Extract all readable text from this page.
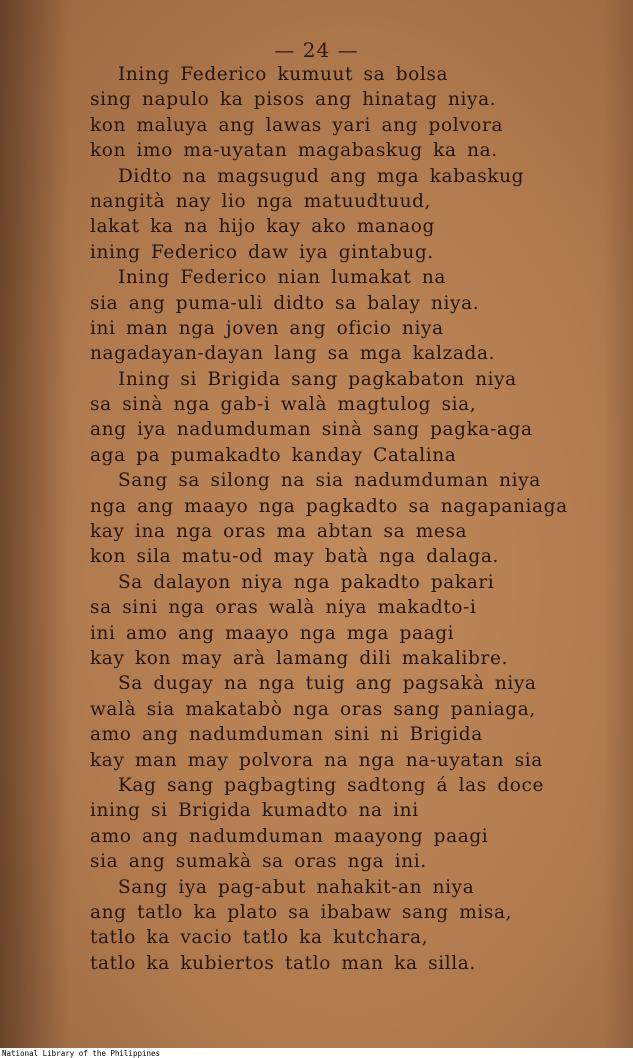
— 24 —
Ining Federico kumuut sa bolsa
sing napulo ka pisos ang hinatag niya.
kon maluya ang lawas yari ang polvora
kon imo ma-uyatan magabaskug ka na.
Didto na magsugud ang mga kabaskug
nangità nay lio nga matuudtuud,
lakat ka na hijo kay ako manaog
ining Federico daw iya gintabug.
Ining Federico nian lumakat na
sia ang puma-uli didto sa balay niya.
ini man nga joven ang oficio niya
nagadayan-dayan lang sa mga kalzada.
Ining si Brigida sang pagkabaton niya
sa sinà nga gab-i walà magtulog sia,
ang iya nadumduman sinà sang pagka-aga
aga pa pumakadto kanday Catalina
Sang sa silong na sia nadumduman niya
nga ang maayo nga pagkadto sa nagapaniaga
kay ina nga oras ma abtan sa mesa
kon sila matu-od may batà nga dalaga.
Sa dalayon niya nga pakadto pakari
sa sini nga oras walà niya makadto-i
ini amo ang maayo nga mga paagi
kay kon may arà lamang dili makalibre.
Sa dugay na nga tuig ang pagsakà niya
walà sia makatabò nga oras sang paniaga,
amo ang nadumduman sini ni Brigida
kay man may polvora na nga na-uyatan sia
Kag sang pagbagting sadtong á las doce
ining si Brigida kumadto na ini
amo ang nadumduman maayong paagi
sia ang sumakà sa oras nga ini.
Sang iya pag-abut nahakit-an niya
ang tatlo ka plato sa ibabaw sang misa,
tatlo ka vacio tatlo ka kutchara,
tatlo ka kubiertos tatlo man ka silla.
National Library of the Philippines
